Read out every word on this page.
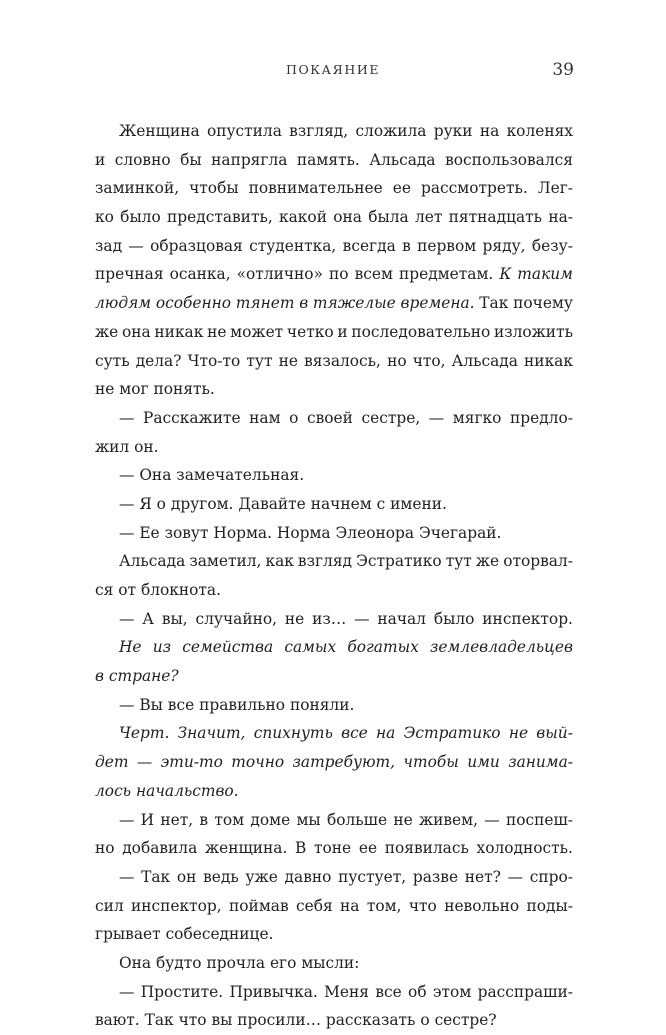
ПОКАЯНИЕ	39
Женщина опустила взгляд, сложила руки на коленях
и словно бы напрягла память. Альсада воспользовался
заминкой, чтобы повнимательнее ее рассмотреть. Лег-
ко было представить, какой она была лет пятнадцать на-
зад — образцовая студентка, всегда в первом ряду, безу-
пречная осанка, «отлично» по всем предметам. К таким
людям особенно тянет в тяжелые времена. Так почему
же она никак не может четко и последовательно изложить
суть дела? Что-то тут не вязалось, но что, Альсада никак
не мог понять.
— Расскажите нам о своей сестре, — мягко предло-
жил он.
— Она замечательная.
— Я о другом. Давайте начнем с имени.
— Ее зовут Норма. Норма Элеонора Эчегарай.
Альсада заметил, как взгляд Эстратико тут же оторвал-
ся от блокнота.
— А вы, случайно, не из… — начал было инспектор.
Не из семейства самых богатых землевладельцев
в стране?
— Вы все правильно поняли.
Черт. Значит, спихнуть все на Эстратико не вый-
дет — эти-то точно затребуют, чтобы ими занима-
лось начальство.
— И нет, в том доме мы больше не живем, — поспеш-
но добавила женщина. В тоне ее появилась холодность.
— Так он ведь уже давно пустует, разве нет? — спро-
сил инспектор, поймав себя на том, что невольно поды-
грывает собеседнице.
Она будто прочла его мысли:
— Простите. Привычка. Меня все об этом расспраши-
вают. Так что вы просили… рассказать о сестре?
